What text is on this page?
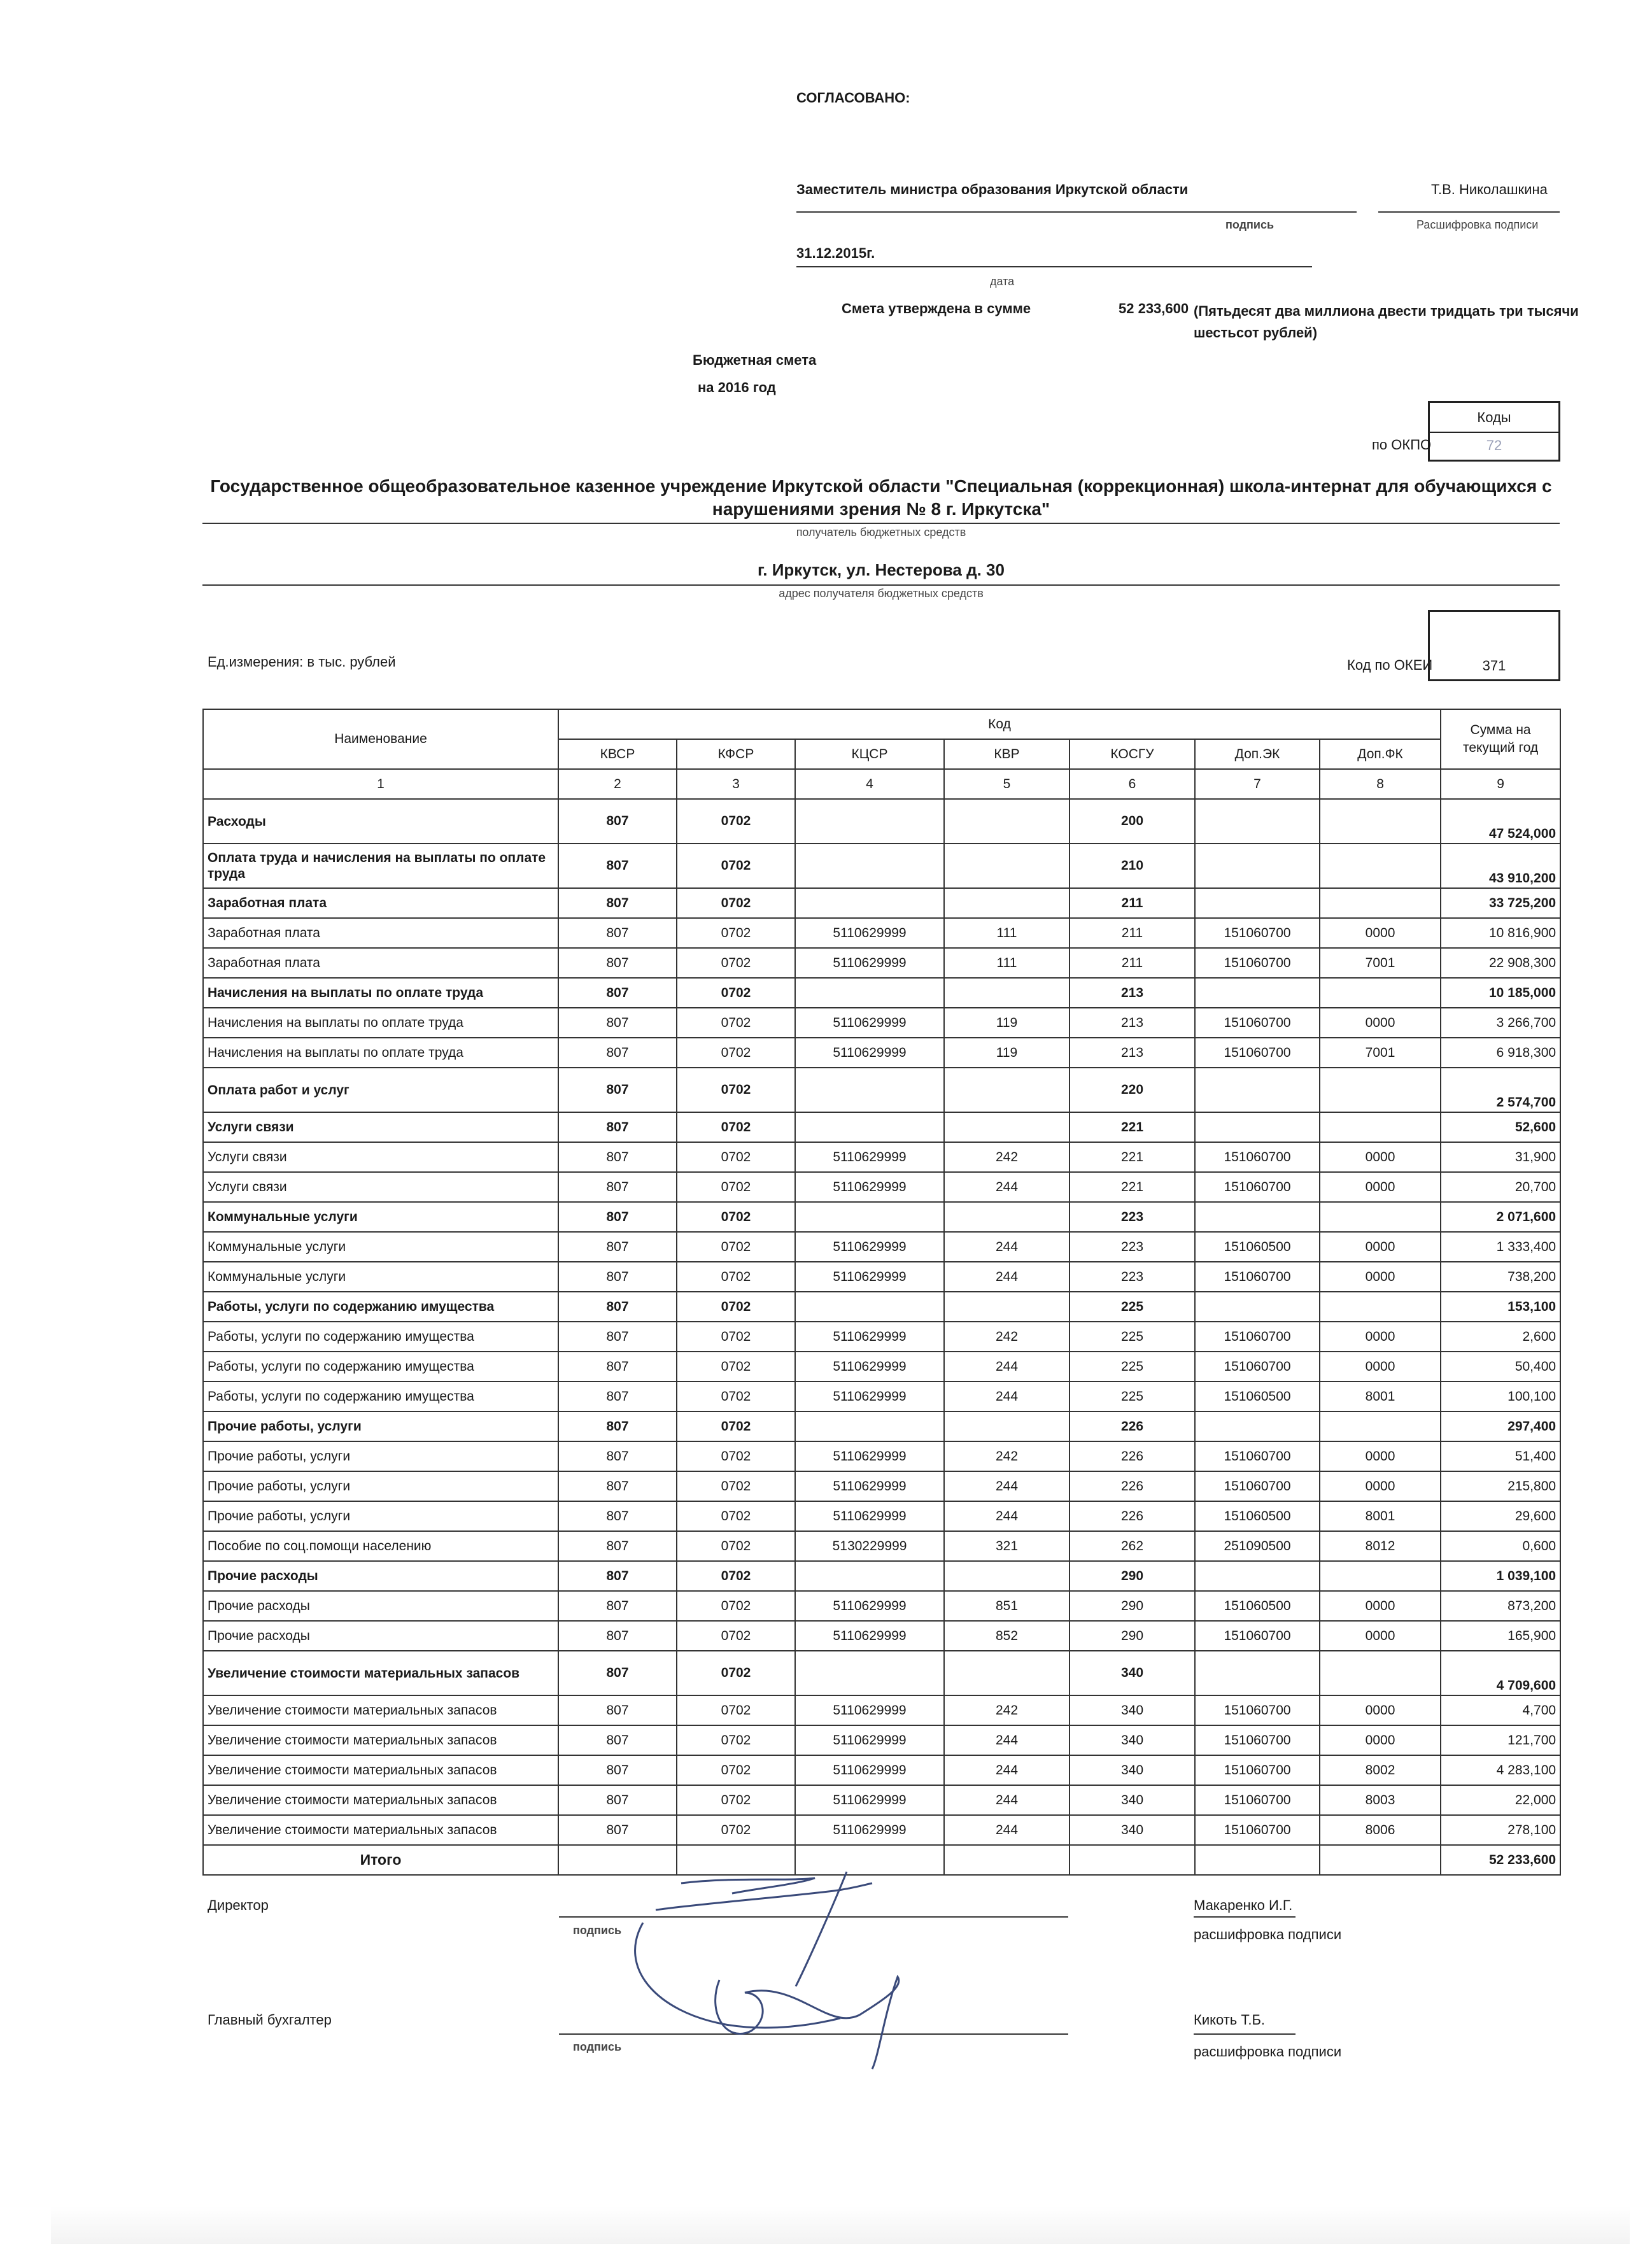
СОГЛАСОВАНО:
Заместитель министра образования Иркутской области	Т.В. Николашкина
подпись	Расшифровка подписи
31.12.2015г.
дата
Смета утверждена в сумме	52 233,600 (Пятьдесят два миллиона двести тридцать три тысячи
шестьсот рублей)
Бюджетная смета
на 2016 год
Коды
72
по ОКПО
Государственное общеобразовательное казенное учреждение Иркутской области "Специальная (коррекционная) школа-интернат для обучающихся с
нарушениями зрения № 8 г. Иркутска"
получатель бюджетных средств
г. Иркутск, ул. Нестерова д. 30
адрес получателя бюджетных средств
Ед.измерения: в тыс. рублей	Код по ОКЕИ	371
Наименование	Код							Сумма на текущий год
	КВСР	КФСР	КЦСР	КВР	КОСГУ	Доп.ЭК	Доп.ФК	
1	2	3	4	5	6	7	8	9
Расходы	807	0702			200			47 524,000
Оплата труда и начисления на выплаты по оплате труда	807	0702			210			43 910,200
Заработная плата	807	0702			211			33 725,200
Заработная плата	807	0702	5110629999	111	211	151060700	0000	10 816,900
Заработная плата	807	0702	5110629999	111	211	151060700	7001	22 908,300
Начисления на выплаты по оплате труда	807	0702			213			10 185,000
Начисления на выплаты по оплате труда	807	0702	5110629999	119	213	151060700	0000	3 266,700
Начисления на выплаты по оплате труда	807	0702	5110629999	119	213	151060700	7001	6 918,300
Оплата работ и услуг	807	0702			220			2 574,700
Услуги связи	807	0702			221			52,600
Услуги связи	807	0702	5110629999	242	221	151060700	0000	31,900
Услуги связи	807	0702	5110629999	244	221	151060700	0000	20,700
Коммунальные услуги	807	0702			223			2 071,600
Коммунальные услуги	807	0702	5110629999	244	223	151060500	0000	1 333,400
Коммунальные услуги	807	0702	5110629999	244	223	151060700	0000	738,200
Работы, услуги по содержанию имущества	807	0702			225			153,100
Работы, услуги по содержанию имущества	807	0702	5110629999	242	225	151060700	0000	2,600
Работы, услуги по содержанию имущества	807	0702	5110629999	244	225	151060700	0000	50,400
Работы, услуги по содержанию имущества	807	0702	5110629999	244	225	151060500	8001	100,100
Прочие работы, услуги	807	0702			226			297,400
Прочие работы, услуги	807	0702	5110629999	242	226	151060700	0000	51,400
Прочие работы, услуги	807	0702	5110629999	244	226	151060700	0000	215,800
Прочие работы, услуги	807	0702	5110629999	244	226	151060500	8001	29,600
Пособие по соц.помощи населению	807	0702	5130229999	321	262	251090500	8012	0,600
Прочие расходы	807	0702			290			1 039,100
Прочие расходы	807	0702	5110629999	851	290	151060500	0000	873,200
Прочие расходы	807	0702	5110629999	852	290	151060700	0000	165,900
Увеличение стоимости материальных запасов	807	0702			340			4 709,600
Увеличение стоимости материальных запасов	807	0702	5110629999	242	340	151060700	0000	4,700
Увеличение стоимости материальных запасов	807	0702	5110629999	244	340	151060700	0000	121,700
Увеличение стоимости материальных запасов	807	0702	5110629999	244	340	151060700	8002	4 283,100
Увеличение стоимости материальных запасов	807	0702	5110629999	244	340	151060700	8003	22,000
Увеличение стоимости материальных запасов	807	0702	5110629999	244	340	151060700	8006	278,100
Итого								52 233,600
Директор
подпись
Макаренко И.Г.
расшифровка подписи
Главный бухгалтер
подпись
Кикоть Т.Б.
расшифровка подписи
